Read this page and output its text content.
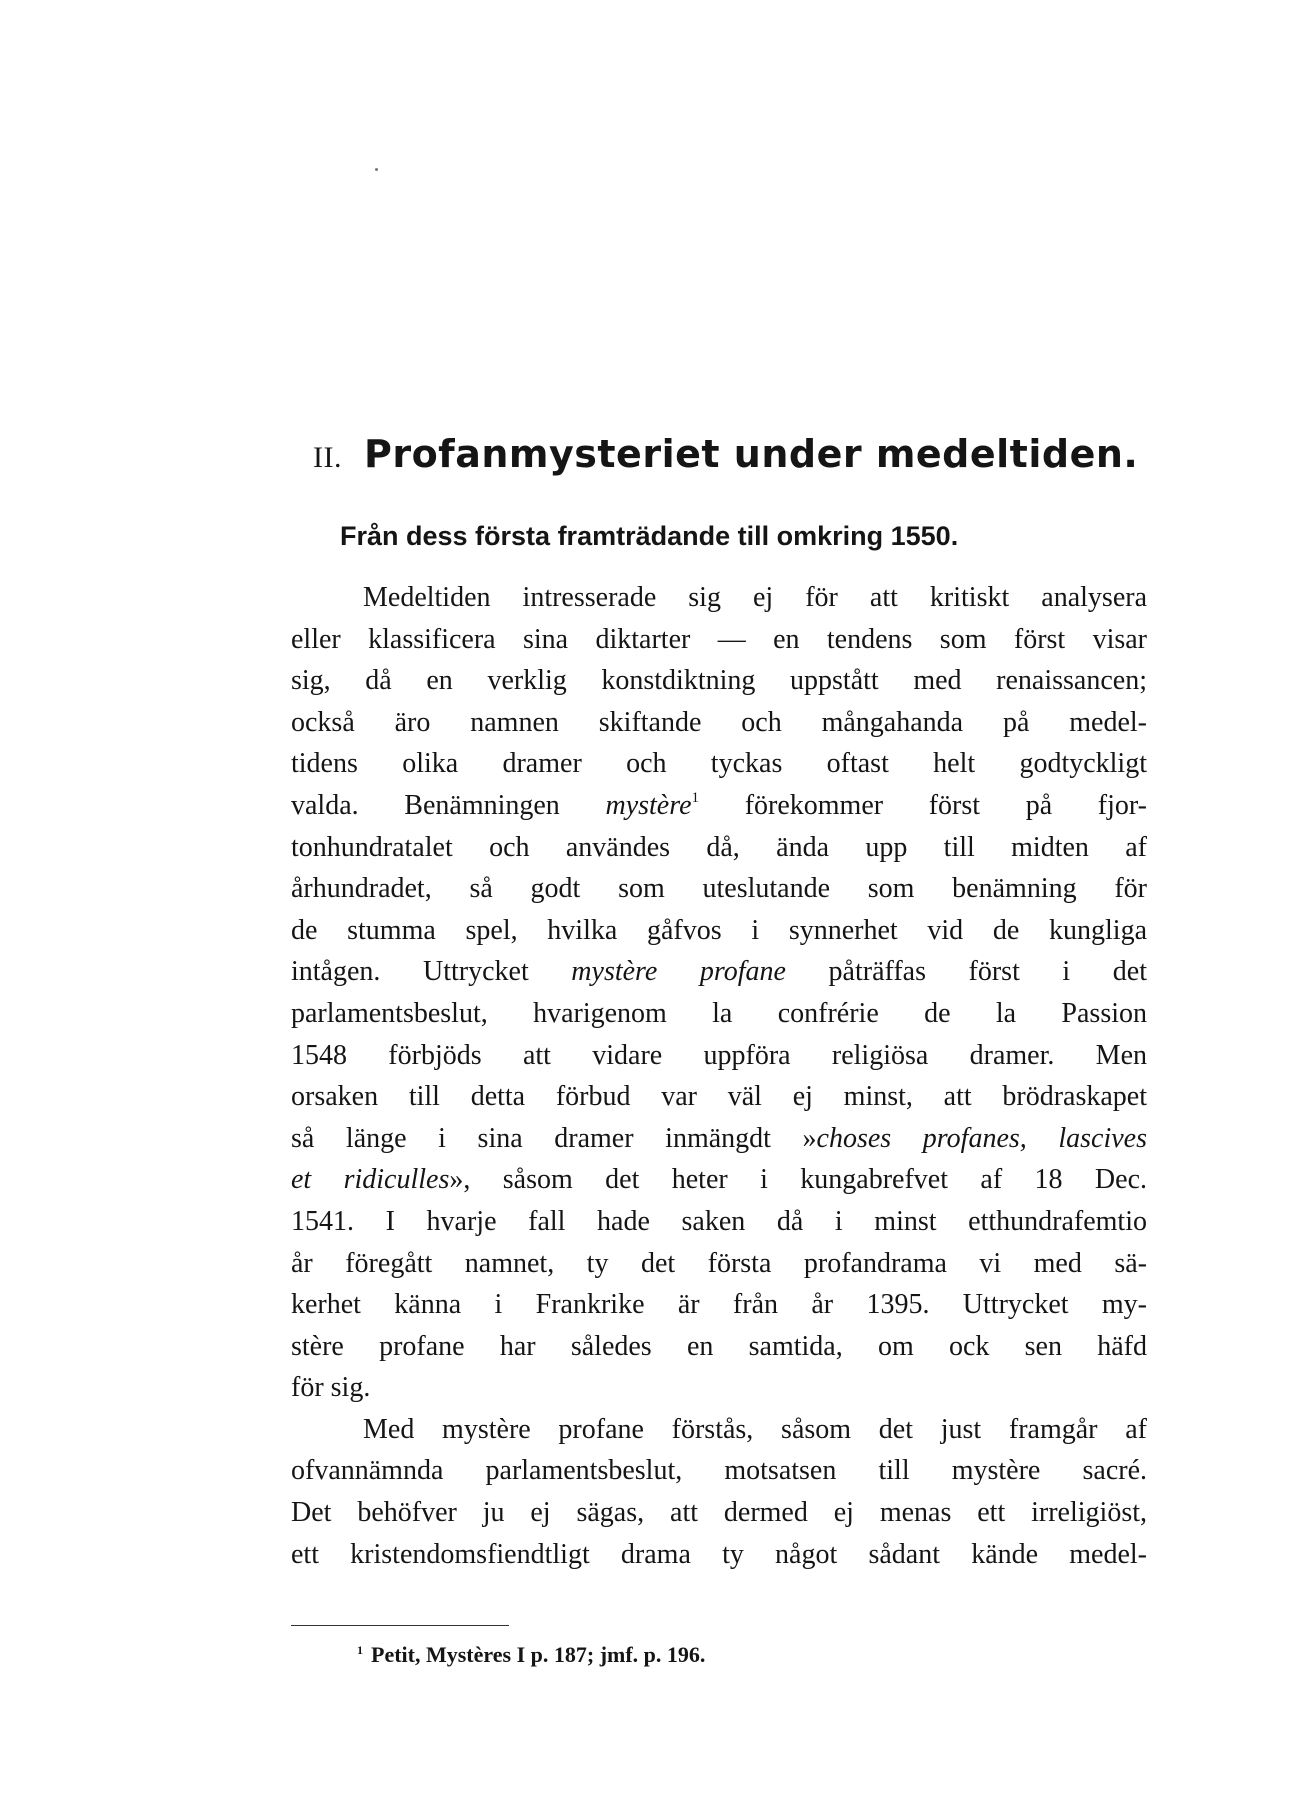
II. Profanmysteriet under medeltiden.
Från dess första framträdande till omkring 1550.
Medeltiden intresserade sig ej för att kritiskt analysera
eller klassificera sina diktarter — en tendens som först visar
sig, då en verklig konstdiktning uppstått med renaissancen;
också äro namnen skiftande och mångahanda på medel-
tidens olika dramer och tyckas oftast helt godtyckligt
valda. Benämningen mystère$^1$ förekommer först på fjor-
tonhundratalet och användes då, ända upp till midten af
århundradet, så godt som uteslutande som benämning för
de stumma spel, hvilka gåfvos i synnerhet vid de kungliga
intågen. Uttrycket mystère profane påträffas först i det
parlamentsbeslut, hvarigenom la confrérie de la Passion
1548 förbjöds att vidare uppföra religiösa dramer. Men
orsaken till detta förbud var väl ej minst, att brödraskapet
så länge i sina dramer inmängdt »choses profanes, lascives
et ridiculles», såsom det heter i kungabrefvet af 18 Dec.
1541. I hvarje fall hade saken då i minst etthundrafemtio
år föregått namnet, ty det första profandrama vi med sä-
kerhet känna i Frankrike är från år 1395. Uttrycket my-
stère profane har således en samtida, om ock sen häfd
för sig.
Med mystère profane förstås, såsom det just framgår af
ofvannämnda parlamentsbeslut, motsatsen till mystère sacré.
Det behöfver ju ej sägas, att dermed ej menas ett irreligiöst,
ett kristendomsfiendtligt drama ty något sådant kände medel-
$^1$ Petit, Mystères I p. 187; jmf. p. 196.
